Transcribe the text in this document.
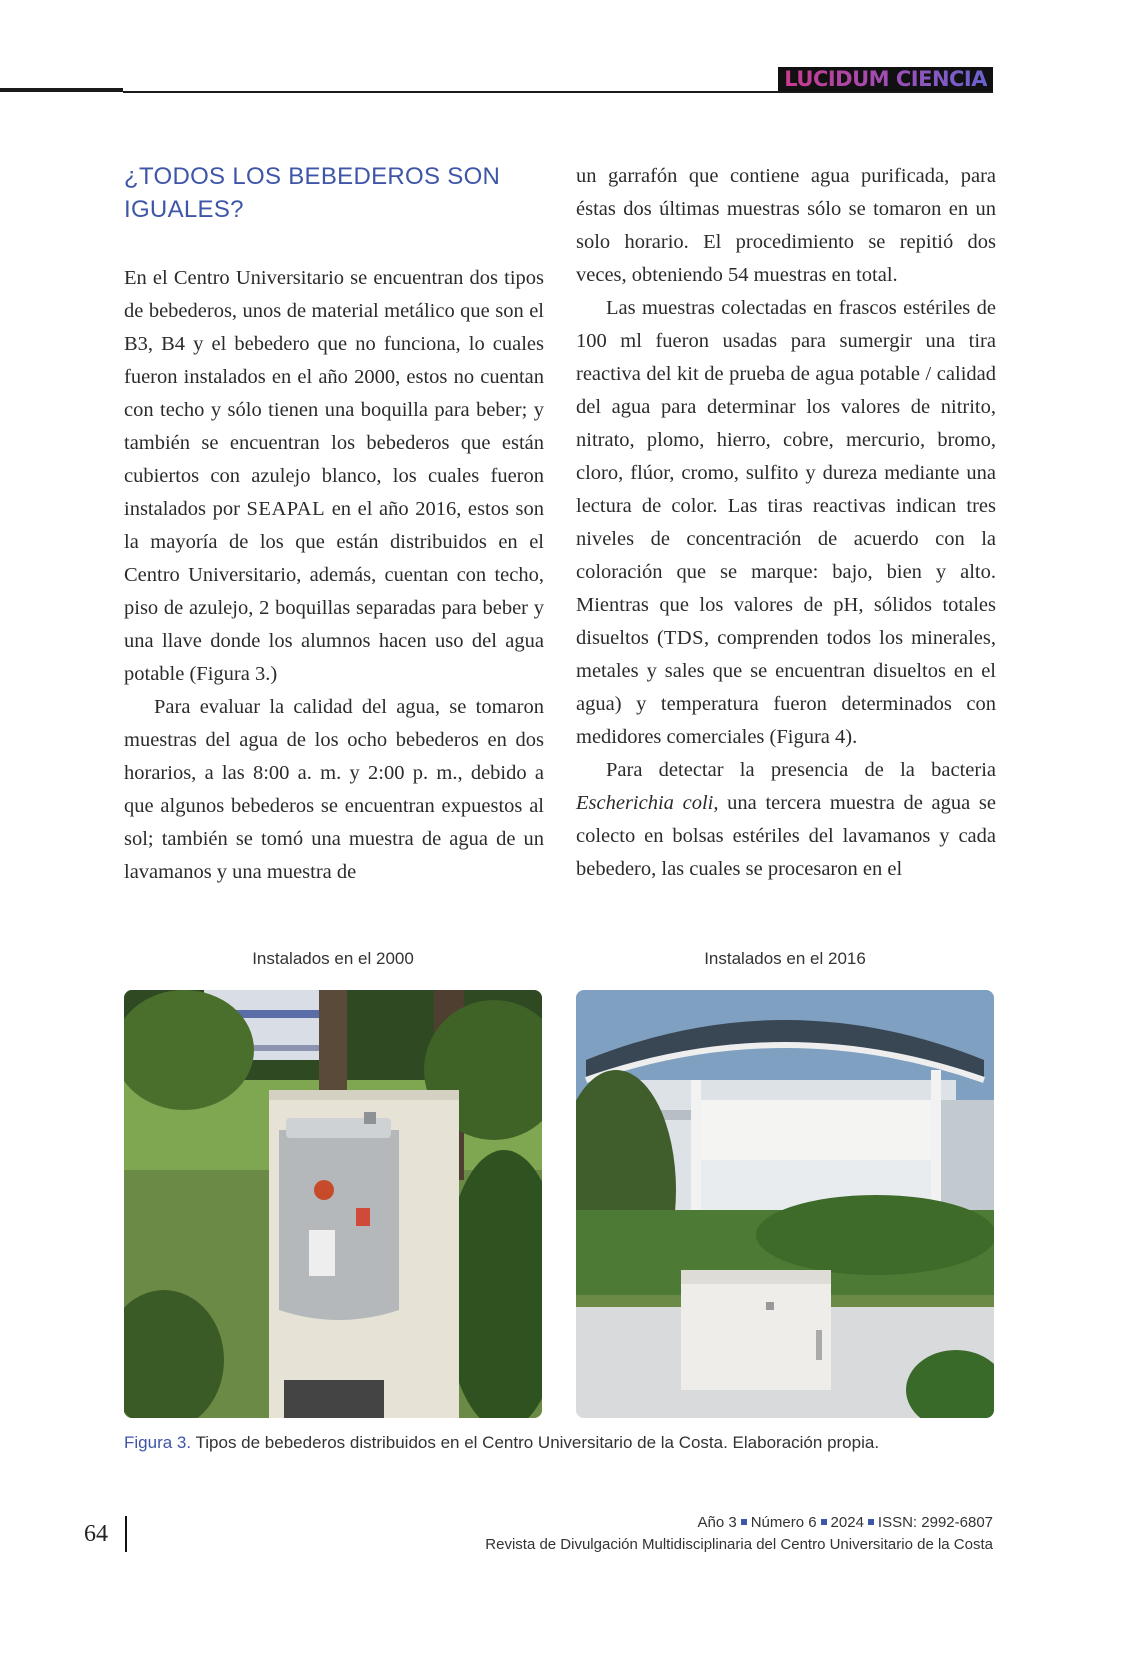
LUCIDUM CIENCIA
¿TODOS LOS BEBEDEROS SON IGUALES?

En el Centro Universitario se encuentran dos tipos de bebederos, unos de material metálico que son el B3, B4 y el bebedero que no funciona, lo cuales fueron instalados en el año 2000, estos no cuentan con techo y sólo tienen una boquilla para beber; y también se encuentran los bebederos que están cubiertos con azulejo blanco, los cuales fueron instalados por SEAPAL en el año 2016, estos son la mayoría de los que están distribuidos en el Centro Universitario, además, cuentan con techo, piso de azulejo, 2 boquillas separadas para beber y una llave donde los alumnos hacen uso del agua potable (Figura 3.)

Para evaluar la calidad del agua, se tomaron muestras del agua de los ocho bebederos en dos horarios, a las 8:00 a. m. y 2:00 p. m., debido a que algunos bebederos se encuentran expuestos al sol; también se tomó una muestra de agua de un lavamanos y una muestra de

un garrafón que contiene agua purificada, para éstas dos últimas muestras sólo se tomaron en un solo horario. El procedimiento se repitió dos veces, obteniendo 54 muestras en total.

Las muestras colectadas en frascos estériles de 100 ml fueron usadas para sumergir una tira reactiva del kit de prueba de agua potable / calidad del agua para determinar los valores de nitrito, nitrato, plomo, hierro, cobre, mercurio, bromo, cloro, flúor, cromo, sulfito y dureza mediante una lectura de color. Las tiras reactivas indican tres niveles de concentración de acuerdo con la coloración que se marque: bajo, bien y alto. Mientras que los valores de pH, sólidos totales disueltos (TDS, comprenden todos los minerales, metales y sales que se encuentran disueltos en el agua) y temperatura fueron determinados con medidores comerciales (Figura 4).

Para detectar la presencia de la bacteria Escherichia coli, una tercera muestra de agua se colecto en bolsas estériles del lavamanos y cada bebedero, las cuales se procesaron en el

Instalados en el 2000	Instalados en el 2016
Figura 3. Tipos de bebederos distribuidos en el Centro Universitario de la Costa. Elaboración propia.
64	Año 3 Número 6 2024 ISSN: 2992-6807
Revista de Divulgación Multidisciplinaria del Centro Universitario de la Costa
